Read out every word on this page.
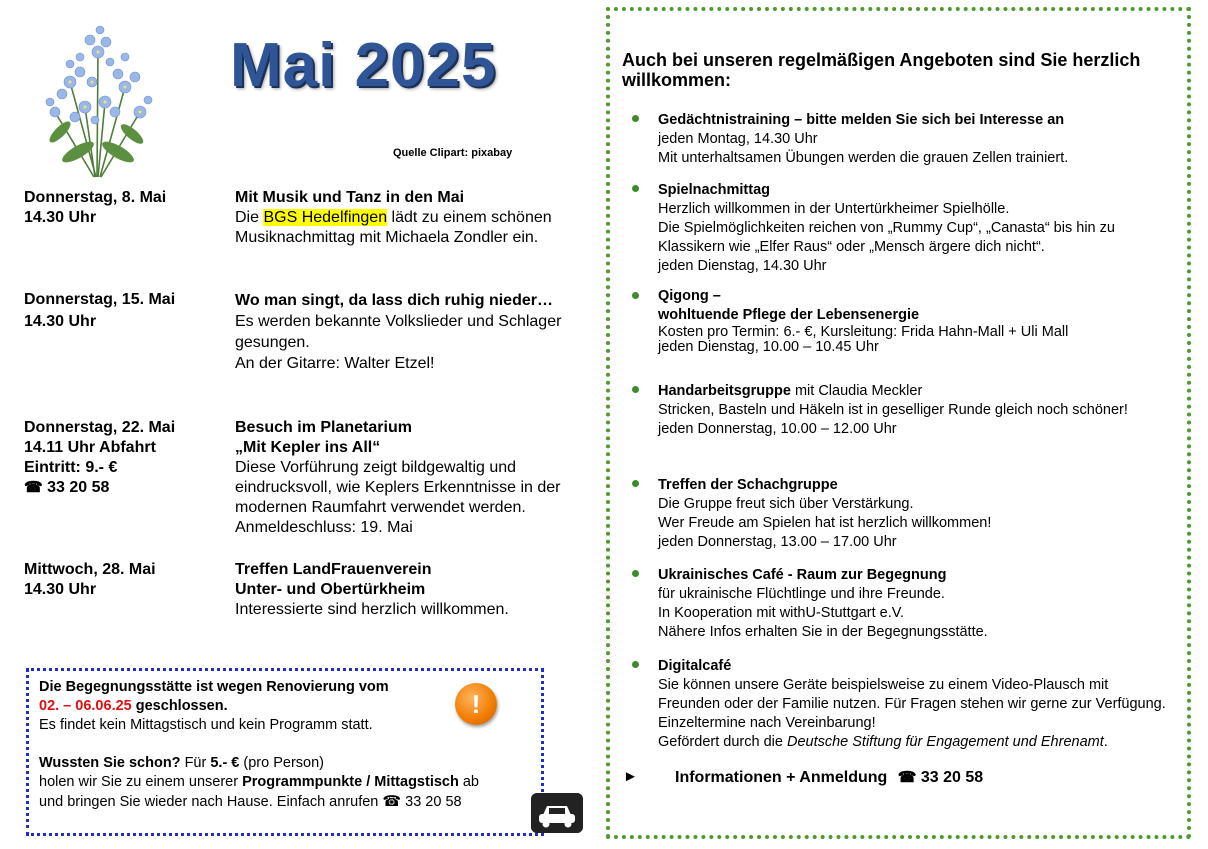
Mai 2025
Quelle Clipart: pixabay
Donnerstag, 8. Mai
14.30 Uhr
Mit Musik und Tanz in den Mai
Die BGS Hedelfingen lädt zu einem schönen Musiknachmittag mit Michaela Zondler ein.
Donnerstag, 15. Mai
14.30 Uhr
Wo man singt, da lass dich ruhig nieder…
Es werden bekannte Volkslieder und Schlager gesungen.
An der Gitarre: Walter Etzel!
Donnerstag, 22. Mai
14.11 Uhr Abfahrt
Eintritt: 9.- €
☎ 33 20 58
Besuch im Planetarium
„Mit Kepler ins All“
Diese Vorführung zeigt bildgewaltig und eindrucksvoll, wie Keplers Erkenntnisse in der modernen Raumfahrt verwendet werden. Anmeldeschluss: 19. Mai
Mittwoch, 28. Mai
14.30 Uhr
Treffen LandFrauenverein
Unter- und Obertürkheim
Interessierte sind herzlich willkommen.
Die Begegnungsstätte ist wegen Renovierung vom
02. – 06.06.25 geschlossen.
Es findet kein Mittagstisch und kein Programm statt.
Wussten Sie schon? Für 5.- € (pro Person)
holen wir Sie zu einem unserer Programmpunkte / Mittagstisch ab
und bringen Sie wieder nach Hause. Einfach anrufen ☎ 33 20 58
!
Auch bei unseren regelmäßigen Angeboten sind Sie herzlich willkommen:
Gedächtnistraining – bitte melden Sie sich bei Interesse an
jeden Montag, 14.30 Uhr
Mit unterhaltsamen Übungen werden die grauen Zellen trainiert.
Spielnachmittag
Herzlich willkommen in der Untertürkheimer Spielhölle.
Die Spielmöglichkeiten reichen von „Rummy Cup“, „Canasta“ bis hin zu Klassikern wie „Elfer Raus“ oder „Mensch ärgere dich nicht“.
jeden Dienstag, 14.30 Uhr
Qigong –
wohltuende Pflege der Lebensenergie
Kosten pro Termin: 6.- €, Kursleitung: Frida Hahn-Mall + Uli Mall
jeden Dienstag, 10.00 – 10.45 Uhr
Handarbeitsgruppe mit Claudia Meckler
Stricken, Basteln und Häkeln ist in geselliger Runde gleich noch schöner!
jeden Donnerstag, 10.00 – 12.00 Uhr
Treffen der Schachgruppe
Die Gruppe freut sich über Verstärkung.
Wer Freude am Spielen hat ist herzlich willkommen!
jeden Donnerstag, 13.00 – 17.00 Uhr
Ukrainisches Café - Raum zur Begegnung
für ukrainische Flüchtlinge und ihre Freunde.
In Kooperation mit withU-Stuttgart e.V.
Nähere Infos erhalten Sie in der Begegnungsstätte.
Digitalcafé
Sie können unsere Geräte beispielsweise zu einem Video-Plausch mit Freunden oder der Familie nutzen. Für Fragen stehen wir gerne zur Verfügung. Einzeltermine nach Vereinbarung!
Gefördert durch die Deutsche Stiftung für Engagement und Ehrenamt.
► Informationen + Anmeldung ☎ 33 20 58
